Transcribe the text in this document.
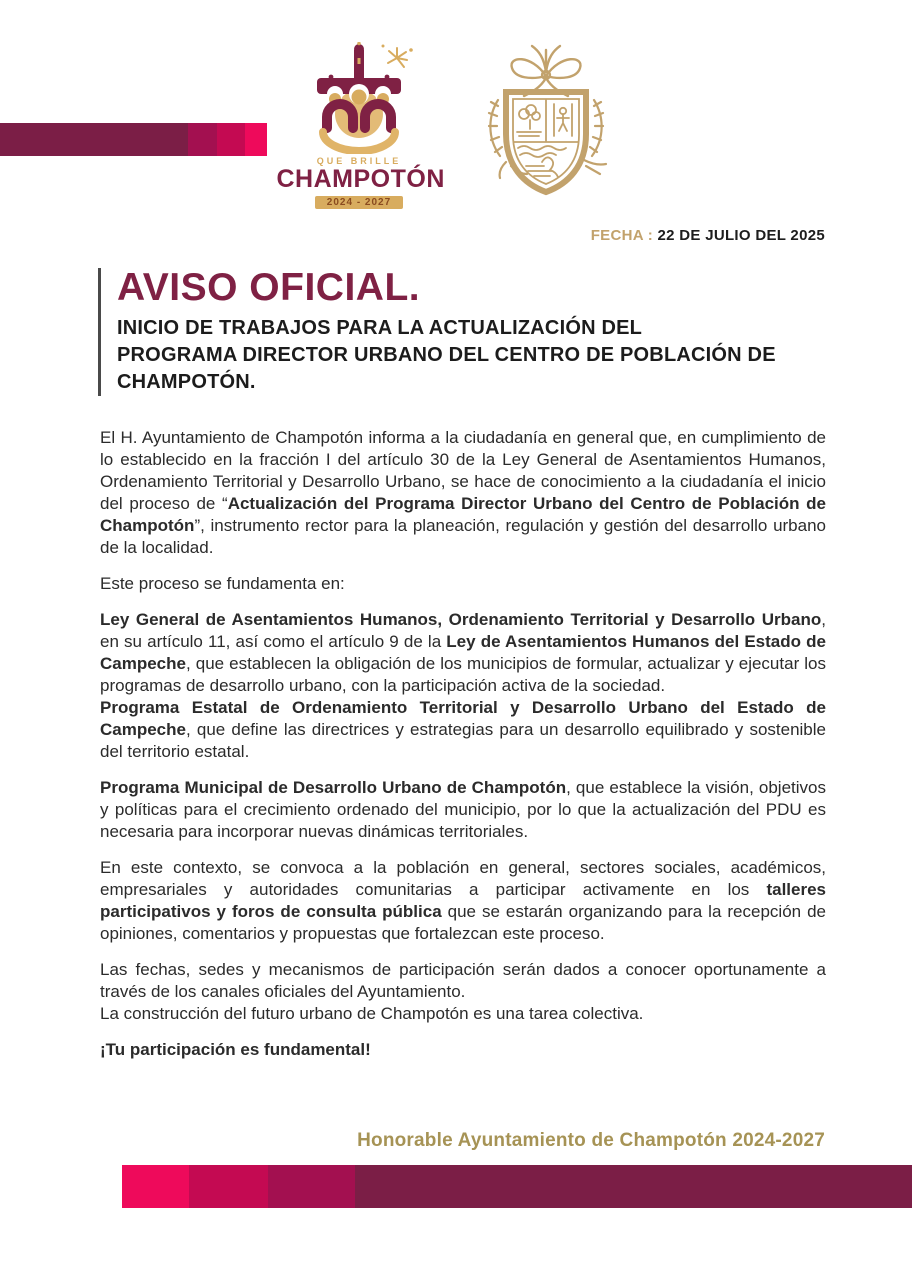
QUE BRILLE
CHAMPOTÓN
2024 - 2027
FECHA : 22 DE JULIO DEL 2025
AVISO OFICIAL.
INICIO DE TRABAJOS PARA LA ACTUALIZACIÓN DEL
PROGRAMA DIRECTOR URBANO DEL CENTRO DE POBLACIÓN DE
CHAMPOTÓN.

El H. Ayuntamiento de Champotón informa a la ciudadanía en general que, en cumplimiento de lo establecido en la fracción I del artículo 30 de la Ley General de Asentamientos Humanos, Ordenamiento Territorial y Desarrollo Urbano, se hace de conocimiento a la ciudadanía el inicio del proceso de “Actualización del Programa Director Urbano del Centro de Población de Champotón”, instrumento rector para la planeación, regulación y gestión del desarrollo urbano de la localidad.

Este proceso se fundamenta en:

Ley General de Asentamientos Humanos, Ordenamiento Territorial y Desarrollo Urbano, en su artículo 11, así como el artículo 9 de la Ley de Asentamientos Humanos del Estado de Campeche, que establecen la obligación de los municipios de formular, actualizar y ejecutar los programas de desarrollo urbano, con la participación activa de la sociedad.

Programa Estatal de Ordenamiento Territorial y Desarrollo Urbano del Estado de Campeche, que define las directrices y estrategias para un desarrollo equilibrado y sostenible del territorio estatal.

Programa Municipal de Desarrollo Urbano de Champotón, que establece la visión, objetivos y políticas para el crecimiento ordenado del municipio, por lo que la actualización del PDU es necesaria para incorporar nuevas dinámicas territoriales.

En este contexto, se convoca a la población en general, sectores sociales, académicos, empresariales y autoridades comunitarias a participar activamente en los talleres participativos y foros de consulta pública que se estarán organizando para la recepción de opiniones, comentarios y propuestas que fortalezcan este proceso.

Las fechas, sedes y mecanismos de participación serán dados a conocer oportunamente a través de los canales oficiales del Ayuntamiento.

La construcción del futuro urbano de Champotón es una tarea colectiva.

¡Tu participación es fundamental!

Honorable Ayuntamiento de Champotón 2024-2027
